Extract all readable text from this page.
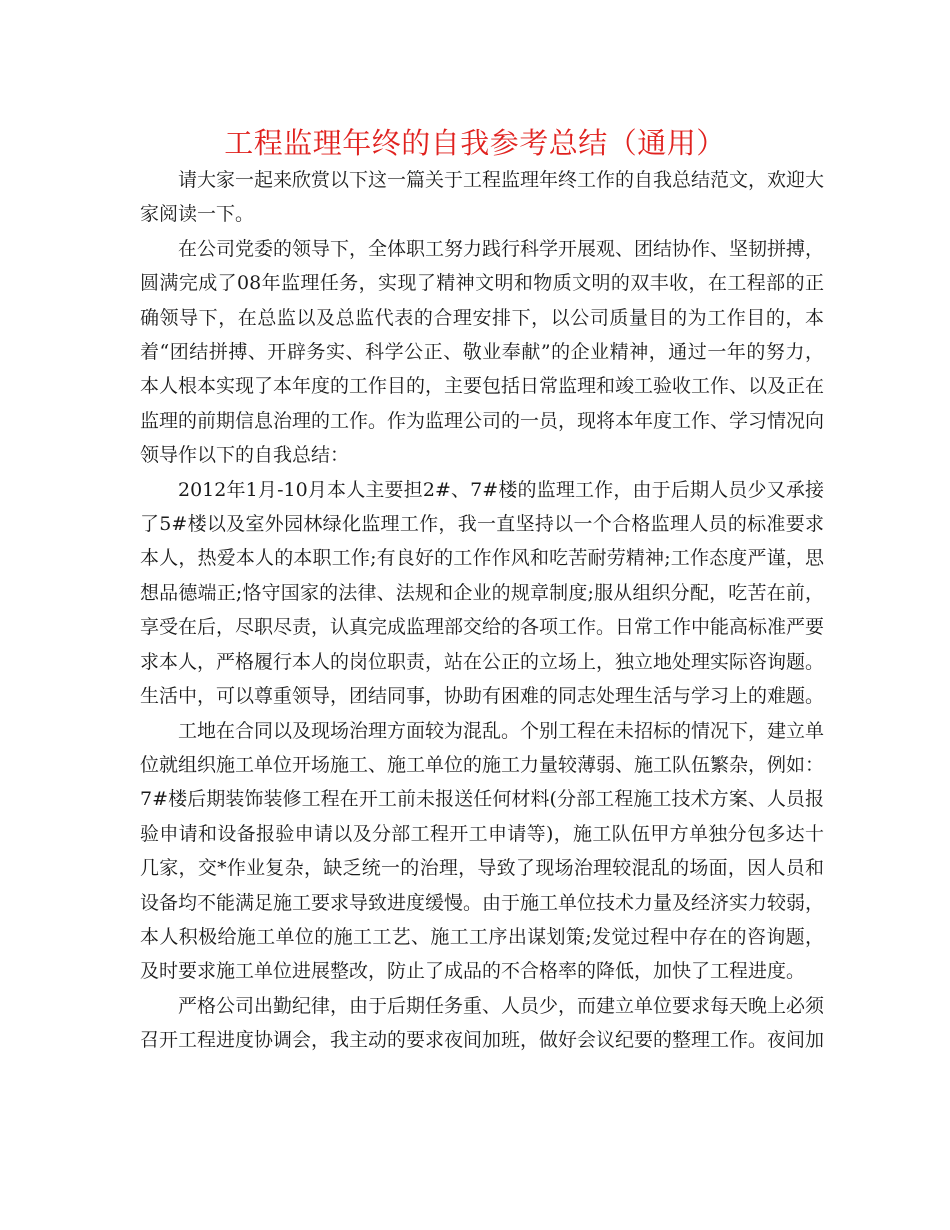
工程监理年终的自我参考总结（通用）

请大家一起来欣赏以下这一篇关于工程监理年终工作的自我总结范文，欢迎大家阅读一下。

在公司党委的领导下，全体职工努力践行科学开展观、团结协作、坚韧拼搏，圆满完成了08年监理任务，实现了精神文明和物质文明的双丰收，在工程部的正确领导下，在总监以及总监代表的合理安排下，以公司质量目的为工作目的，本着“团结拼搏、开辟务实、科学公正、敬业奉献”的企业精神，通过一年的努力，本人根本实现了本年度的工作目的，主要包括日常监理和竣工验收工作、以及正在监理的前期信息治理的工作。作为监理公司的一员，现将本年度工作、学习情况向领导作以下的自我总结：

2012年1月-10月本人主要担2#、7#楼的监理工作，由于后期人员少又承接了5#楼以及室外园林绿化监理工作，我一直坚持以一个合格监理人员的标准要求本人，热爱本人的本职工作;有良好的工作作风和吃苦耐劳精神;工作态度严谨，思想品德端正;恪守国家的法律、法规和企业的规章制度;服从组织分配，吃苦在前，享受在后，尽职尽责，认真完成监理部交给的各项工作。日常工作中能高标准严要求本人，严格履行本人的岗位职责，站在公正的立场上，独立地处理实际咨询题。生活中，可以尊重领导，团结同事，协助有困难的同志处理生活与学习上的难题。

工地在合同以及现场治理方面较为混乱。个别工程在未招标的情况下，建立单位就组织施工单位开场施工、施工单位的施工力量较薄弱、施工队伍繁杂，例如：7#楼后期装饰装修工程在开工前未报送任何材料(分部工程施工技术方案、人员报验申请和设备报验申请以及分部工程开工申请等)，施工队伍甲方单独分包多达十几家，交*作业复杂，缺乏统一的治理，导致了现场治理较混乱的场面，因人员和设备均不能满足施工要求导致进度缓慢。由于施工单位技术力量及经济实力较弱，本人积极给施工单位的施工工艺、施工工序出谋划策;发觉过程中存在的咨询题，及时要求施工单位进展整改，防止了成品的不合格率的降低，加快了工程进度。

严格公司出勤纪律，由于后期任务重、人员少，而建立单位要求每天晚上必须召开工程进度协调会，我主动的要求夜间加班，做好会议纪要的整理工作。夜间加
